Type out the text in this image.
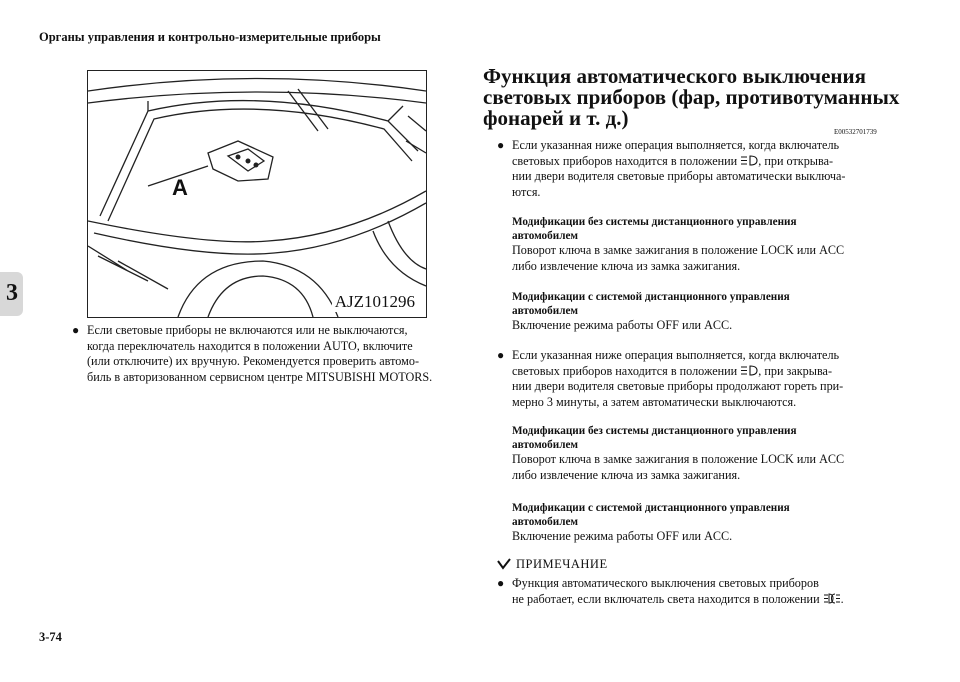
Органы управления и контрольно-измерительные приборы
3
A
AJZ101296
● Если световые приборы не включаются или не выключаются,
когда переключатель находится в положении AUTO, включите
(или отключите) их вручную. Рекомендуется проверить автомо-
биль в авторизованном сервисном центре MITSUBISHI MOTORS.
Функция автоматического выключения
световых приборов (фар, противотуманных
фонарей и т. д.)
E00532701739
● Если указанная ниже операция выполняется, когда включатель
световых приборов находится в положении , при открыва-
нии двери водителя световые приборы автоматически выключа-
ются.
Модификации без системы дистанционного управления
автомобилем
Поворот ключа в замке зажигания в положение LOCK или ACC
либо извлечение ключа из замка зажигания.
Модификации с системой дистанционного управления
автомобилем
Включение режима работы OFF или ACC.
● Если указанная ниже операция выполняется, когда включатель
световых приборов находится в положении , при закрыва-
нии двери водителя световые приборы продолжают гореть при-
мерно 3 минуты, а затем автоматически выключаются.
Модификации без системы дистанционного управления
автомобилем
Поворот ключа в замке зажигания в положение LOCK или ACC
либо извлечение ключа из замка зажигания.
Модификации с системой дистанционного управления
автомобилем
Включение режима работы OFF или ACC.
ПРИМЕЧАНИЕ
● Функция автоматического выключения световых приборов
не работает, если включатель света находится в положении .
3-74
